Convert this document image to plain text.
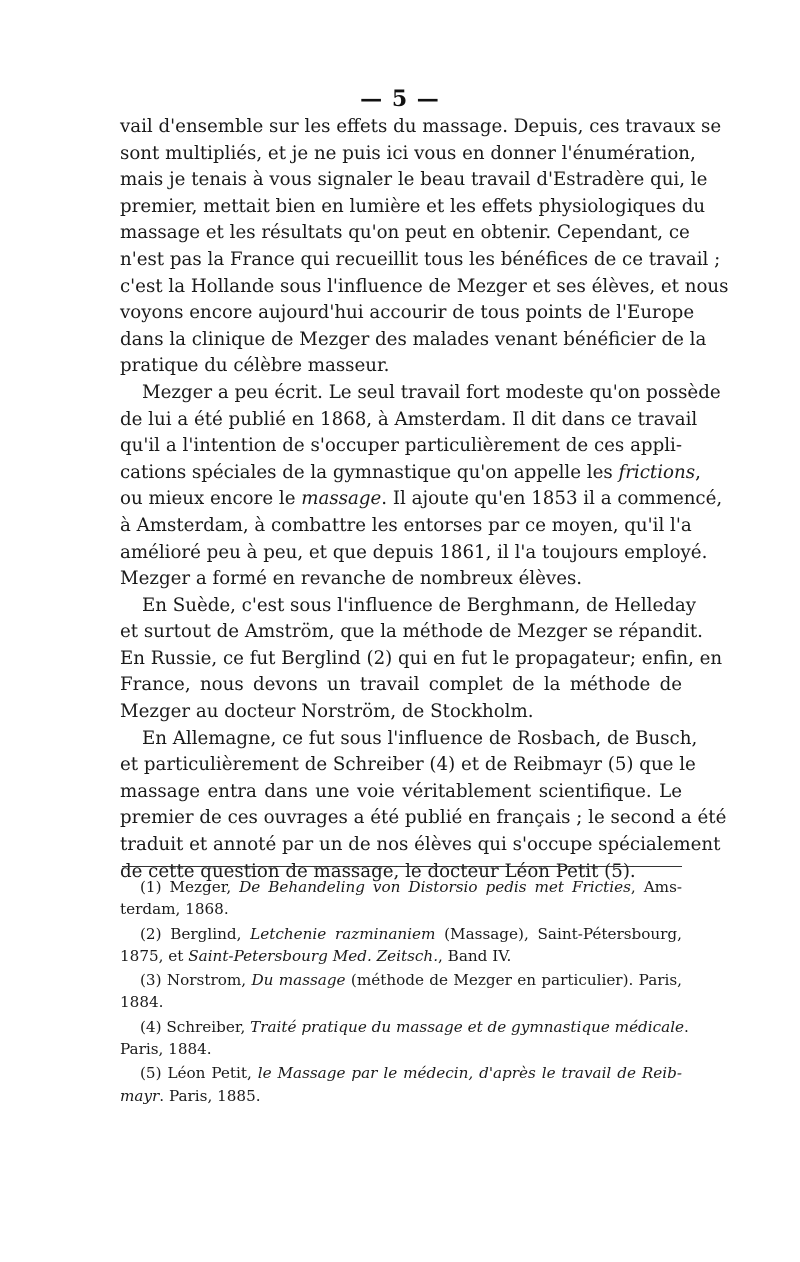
— 5 —
vail d'ensemble sur les effets du massage. Depuis, ces travaux se
sont multipliés, et je ne puis ici vous en donner l'énumération,
mais je tenais à vous signaler le beau travail d'Estradère qui, le
premier, mettait bien en lumière et les effets physiologiques du
massage et les résultats qu'on peut en obtenir. Cependant, ce
n'est pas la France qui recueillit tous les bénéfices de ce travail ;
c'est la Hollande sous l'influence de Mezger et ses élèves, et nous
voyons encore aujourd'hui accourir de tous points de l'Europe
dans la clinique de Mezger des malades venant bénéficier de la
pratique du célèbre masseur.
Mezger a peu écrit. Le seul travail fort modeste qu'on possède
de lui a été publié en 1868, à Amsterdam. Il dit dans ce travail
qu'il a l'intention de s'occuper particulièrement de ces appli-
cations spéciales de la gymnastique qu'on appelle les frictions,
ou mieux encore le massage. Il ajoute qu'en 1853 il a commencé,
à Amsterdam, à combattre les entorses par ce moyen, qu'il l'a
amélioré peu à peu, et que depuis 1861, il l'a toujours employé.
Mezger a formé en revanche de nombreux élèves.
En Suède, c'est sous l'influence de Berghmann, de Helleday
et surtout de Amström, que la méthode de Mezger se répandit.
En Russie, ce fut Berglind (2) qui en fut le propagateur; enfin, en
France, nous devons un travail complet de la méthode de
Mezger au docteur Norström, de Stockholm.
En Allemagne, ce fut sous l'influence de Rosbach, de Busch,
et particulièrement de Schreiber (4) et de Reibmayr (5) que le
massage entra dans une voie véritablement scientifique. Le
premier de ces ouvrages a été publié en français ; le second a été
traduit et annoté par un de nos élèves qui s'occupe spécialement
de cette question de massage, le docteur Léon Petit (5).
(1) Mezger, De Behandeling von Distorsio pedis met Fricties, Ams-
terdam, 1868.
(2) Berglind, Letchenie razminaniem (Massage), Saint-Pétersbourg,
1875, et Saint-Petersbourg Med. Zeitsch., Band IV.
(3) Norstrom, Du massage (méthode de Mezger en particulier). Paris,
1884.
(4) Schreiber, Traité pratique du massage et de gymnastique médicale.
Paris, 1884.
(5) Léon Petit, le Massage par le médecin, d'après le travail de Reib-
mayr. Paris, 1885.
